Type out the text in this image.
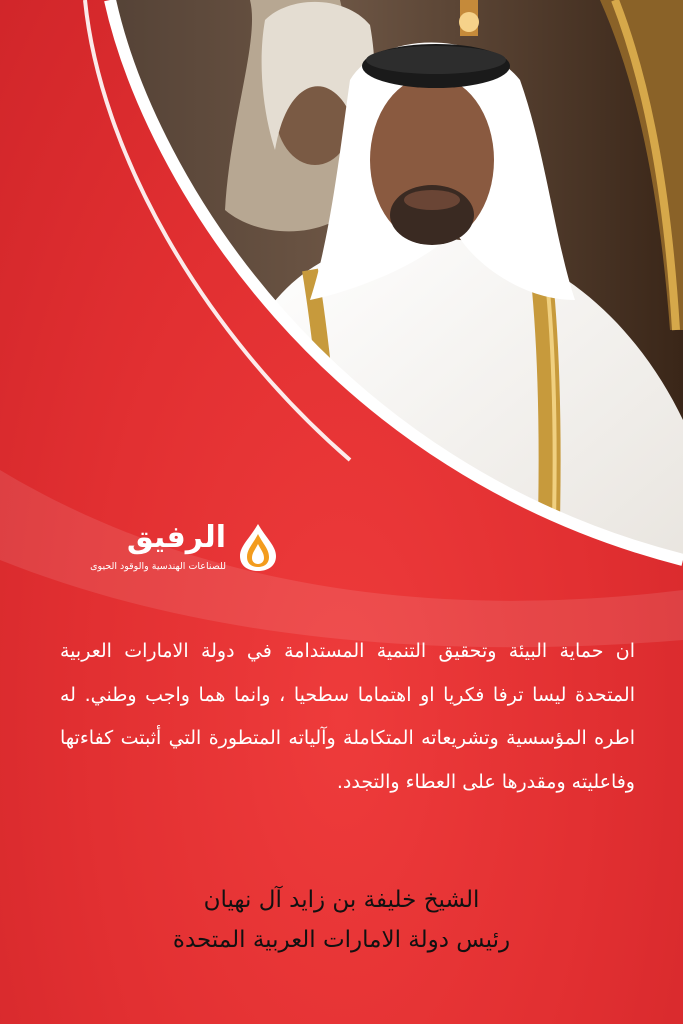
الرفيق
للصناعات الهندسية والوقود الحيوى
ان حماية البيئة وتحقيق التنمية المستدامة في دولة الامارات العربية المتحدة ليسا ترفا فكريا او اهتماما سطحيا ، وانما هما واجب وطني. له اطره المؤسسية وتشريعاته المتكاملة وآلياته المتطورة التي أثبتت كفاءتها وفاعليته ومقدرها على العطاء والتجدد.
الشيخ خليفة بن زايد آل نهيان
رئيس دولة الامارات العربية المتحدة
